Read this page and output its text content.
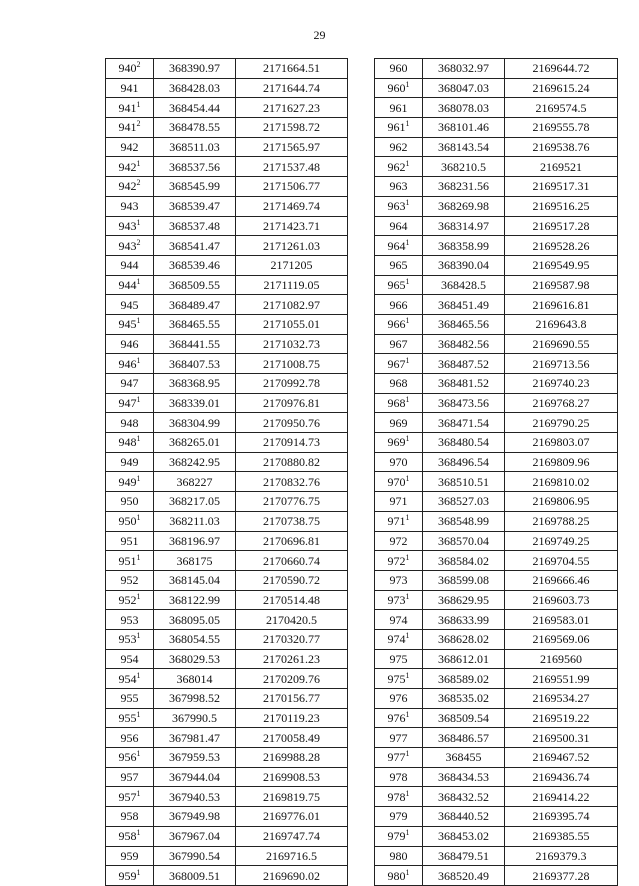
29
$940^2$	368390.97	2171664.51
941	368428.03	2171644.74
$941^1$	368454.44	2171627.23
$941^2$	368478.55	2171598.72
942	368511.03	2171565.97
$942^1$	368537.56	2171537.48
$942^2$	368545.99	2171506.77
943	368539.47	2171469.74
$943^1$	368537.48	2171423.71
$943^2$	368541.47	2171261.03
944	368539.46	2171205
$944^1$	368509.55	2171119.05
945	368489.47	2171082.97
$945^1$	368465.55	2171055.01
946	368441.55	2171032.73
$946^1$	368407.53	2171008.75
947	368368.95	2170992.78
$947^1$	368339.01	2170976.81
948	368304.99	2170950.76
$948^1$	368265.01	2170914.73
949	368242.95	2170880.82
$949^1$	368227	2170832.76
950	368217.05	2170776.75
$950^1$	368211.03	2170738.75
951	368196.97	2170696.81
$951^1$	368175	2170660.74
952	368145.04	2170590.72
$952^1$	368122.99	2170514.48
953	368095.05	2170420.5
$953^1$	368054.55	2170320.77
954	368029.53	2170261.23
$954^1$	368014	2170209.76
955	367998.52	2170156.77
$955^1$	367990.5	2170119.23
956	367981.47	2170058.49
$956^1$	367959.53	2169988.28
957	367944.04	2169908.53
$957^1$	367940.53	2169819.75
958	367949.98	2169776.01
$958^1$	367967.04	2169747.74
959	367990.54	2169716.5
$959^1$	368009.51	2169690.02
960	368032.97	2169644.72
$960^1$	368047.03	2169615.24
961	368078.03	2169574.5
$961^1$	368101.46	2169555.78
962	368143.54	2169538.76
$962^1$	368210.5	2169521
963	368231.56	2169517.31
$963^1$	368269.98	2169516.25
964	368314.97	2169517.28
$964^1$	368358.99	2169528.26
965	368390.04	2169549.95
$965^1$	368428.5	2169587.98
966	368451.49	2169616.81
$966^1$	368465.56	2169643.8
967	368482.56	2169690.55
$967^1$	368487.52	2169713.56
968	368481.52	2169740.23
$968^1$	368473.56	2169768.27
969	368471.54	2169790.25
$969^1$	368480.54	2169803.07
970	368496.54	2169809.96
$970^1$	368510.51	2169810.02
971	368527.03	2169806.95
$971^1$	368548.99	2169788.25
972	368570.04	2169749.25
$972^1$	368584.02	2169704.55
973	368599.08	2169666.46
$973^1$	368629.95	2169603.73
974	368633.99	2169583.01
$974^1$	368628.02	2169569.06
975	368612.01	2169560
$975^1$	368589.02	2169551.99
976	368535.02	2169534.27
$976^1$	368509.54	2169519.22
977	368486.57	2169500.31
$977^1$	368455	2169467.52
978	368434.53	2169436.74
$978^1$	368432.52	2169414.22
979	368440.52	2169395.74
$979^1$	368453.02	2169385.55
980	368479.51	2169379.3
$980^1$	368520.49	2169377.28
